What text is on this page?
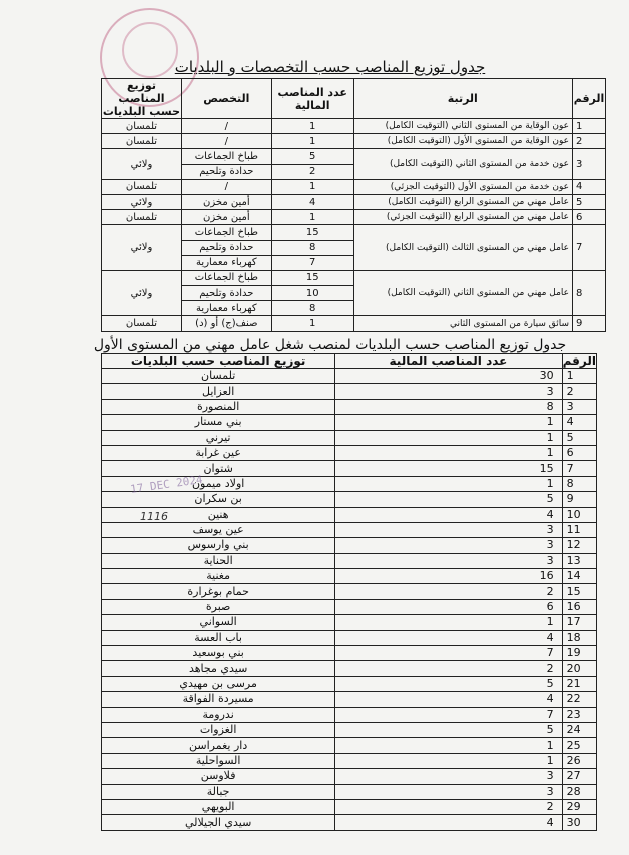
جدول توزيع المناصب حسب التخصصات و البلديات
الرقم	الرتبة	عدد المناصب المالية	التخصص	توزيع المناصب حسب البلديات
1	عون الوقاية من المستوى الثاني (التوقيت الكامل)	1	/	تلمسان
2	عون الوقاية من المستوى الأول (التوقيت الكامل)	1	/	تلمسان
3	عون خدمة من المستوى الثاني (التوقيت الكامل)	5	طباخ الجماعات	ولائي
		2	حدادة وتلحيم	
4	عون خدمة من المستوى الأول (التوقيت الجزئي)	1	/	تلمسان
5	عامل مهني من المستوى الرابع (التوقيت الكامل)	4	أمين مخزن	ولائي
6	عامل مهني من المستوى الرابع (التوقيت الجزئي)	1	أمين مخزن	تلمسان
7	عامل مهني من المستوى الثالث (التوقيت الكامل)	15	طباخ الجماعات	ولائي
		8	حدادة وتلحيم	
		7	كهرباء معمارية	
8	عامل مهني من المستوى الثاني (التوقيت الكامل)	15	طباخ الجماعات	ولائي
		10	حدادة وتلحيم	
		8	كهرباء معمارية	
9	سائق سيارة من المستوى الثاني	1	صنف(ج) أو (د)	تلمسان
جدول توزيع المناصب حسب البلديات لمنصب شغل عامل مهني من المستوى الأول
الرقم	عدد المناصب المالية	توزيع المناصب حسب البلديات
1	30	تلمسان
2	3	العزايل
3	8	المنصورة
4	1	بني مستار
5	1	تيرني
6	1	عين غرابة
7	15	شتوان
8	1	اولاد ميمون
9	5	بن سكران
10	4	هنين
11	3	عين يوسف
12	3	بني وارسوس
13	3	الحناية
14	16	مغنية
15	2	حمام بوغرارة
16	6	صبرة
17	1	السواني
18	4	باب العسة
19	7	بني بوسعيد
20	2	سيدي مجاهد
21	5	مرسى بن مهيدي
22	4	مسيردة الفواقة
23	7	ندرومة
24	5	الغزوات
25	1	دار يغمراسن
26	1	السواحلية
27	3	فلاوسن
28	3	جبالة
29	2	البويهي
30	4	سيدي الجيلالي
17 DEC 2024
1116
